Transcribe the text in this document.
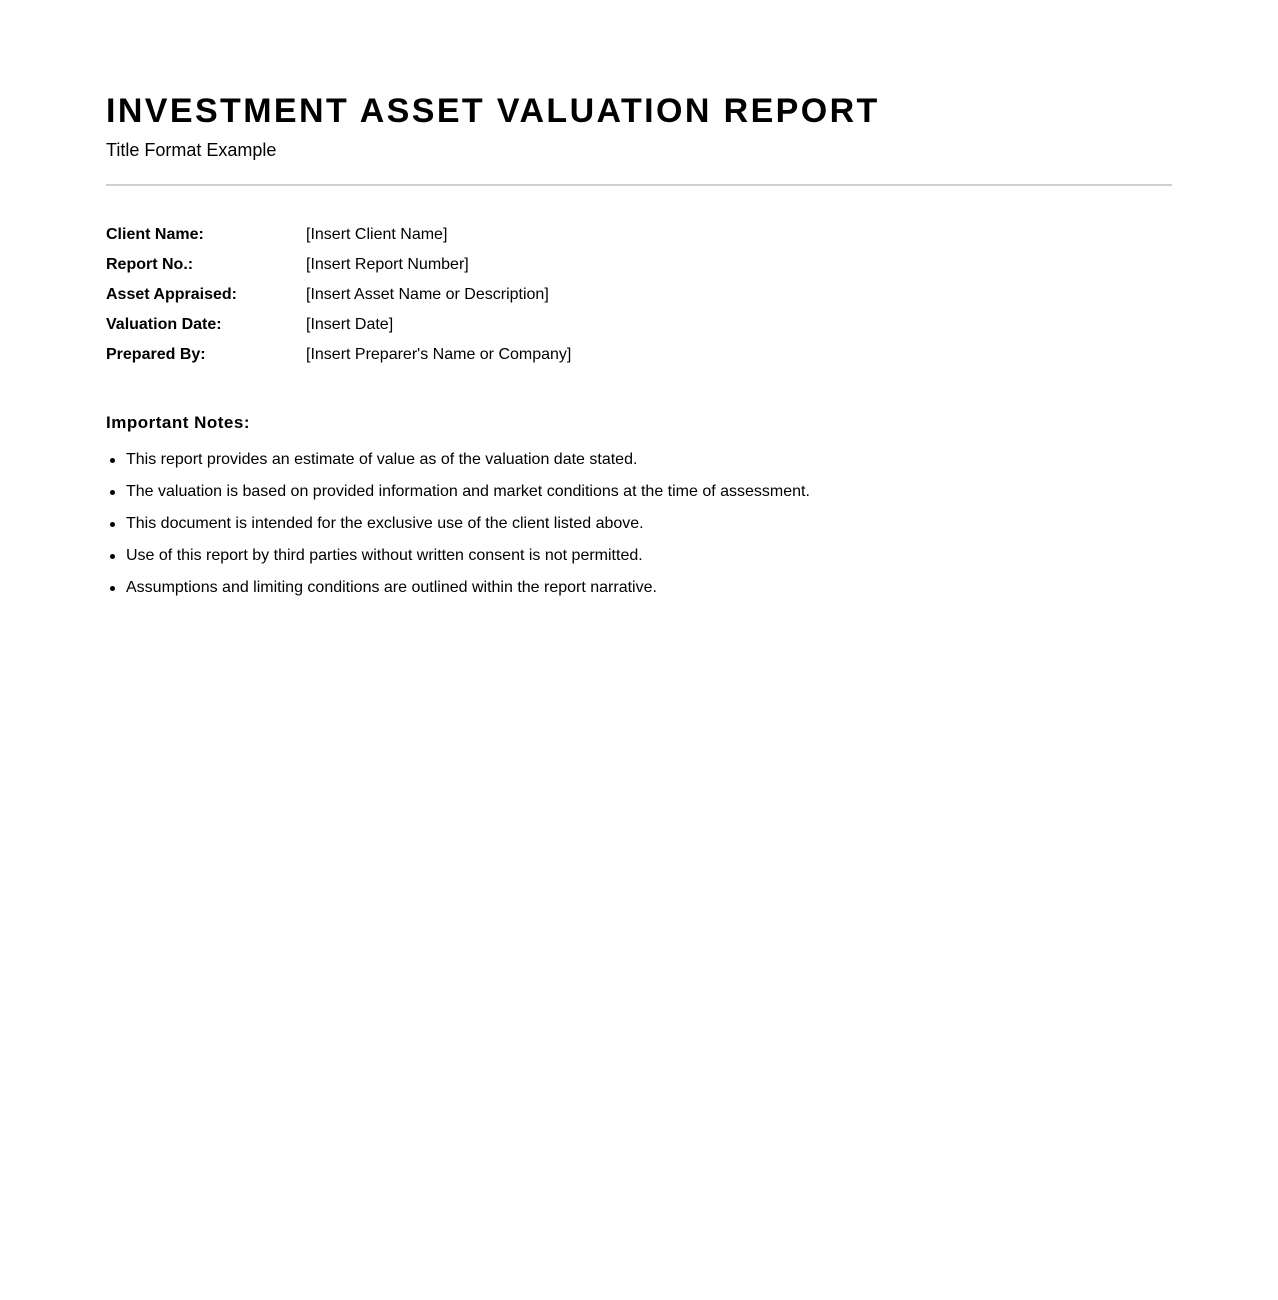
INVESTMENT ASSET VALUATION REPORT
Title Format Example
Client Name:	[Insert Client Name]
Report No.:	[Insert Report Number]
Asset Appraised:	[Insert Asset Name or Description]
Valuation Date:	[Insert Date]
Prepared By:	[Insert Preparer's Name or Company]
Important Notes:
This report provides an estimate of value as of the valuation date stated.
The valuation is based on provided information and market conditions at the time of assessment.
This document is intended for the exclusive use of the client listed above.
Use of this report by third parties without written consent is not permitted.
Assumptions and limiting conditions are outlined within the report narrative.
